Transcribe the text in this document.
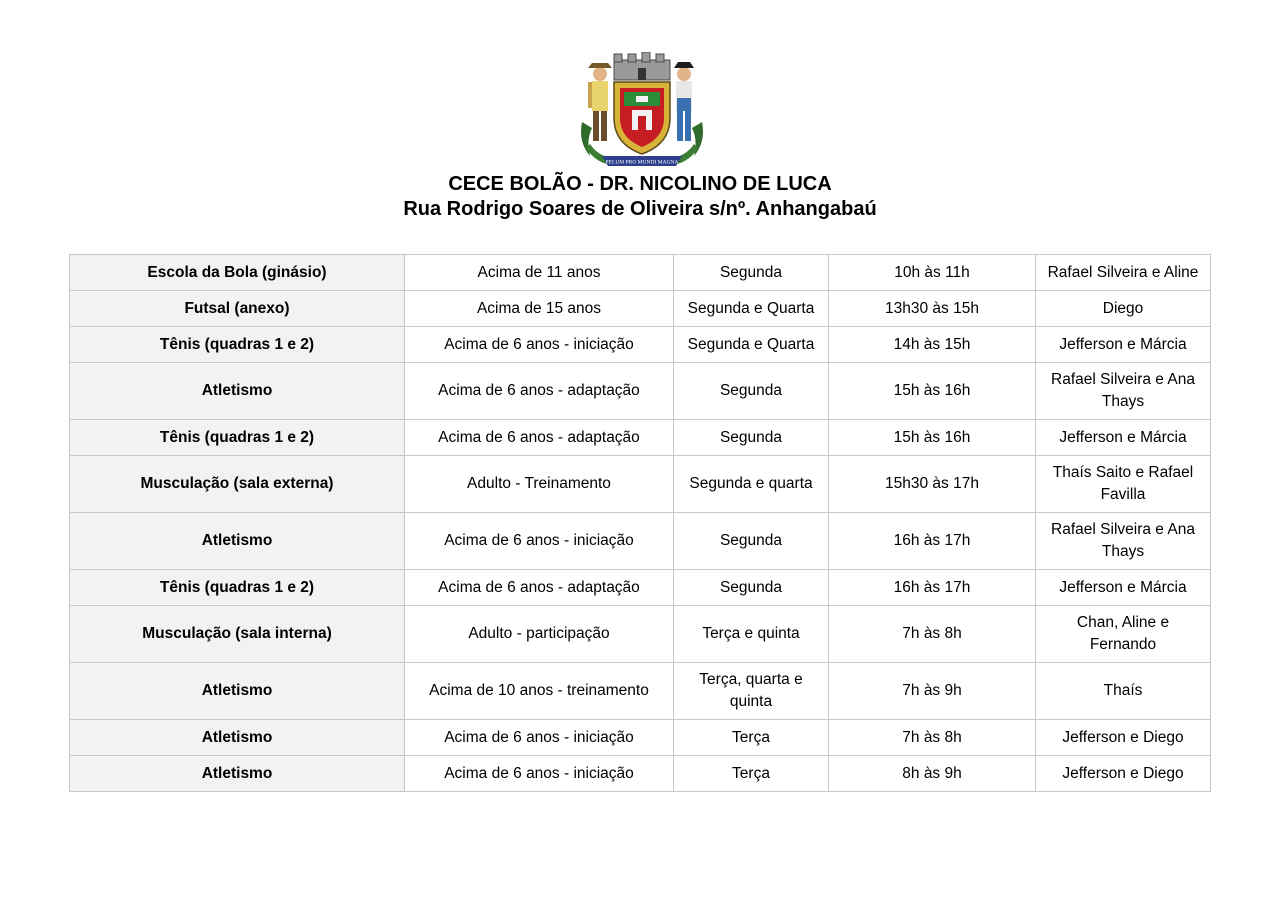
PELUM PRO MUNDI MAGNA
CECE BOLÃO - DR. NICOLINO DE LUCA
Rua Rodrigo Soares de Oliveira s/nº. Anhangabaú
Escola da Bola (ginásio)	Acima de 11 anos	Segunda	10h às 11h	Rafael Silveira e Aline
Futsal (anexo)	Acima de 15 anos	Segunda e Quarta	13h30 às 15h	Diego
Tênis (quadras 1 e 2)	Acima de 6 anos - iniciação	Segunda e Quarta	14h às 15h	Jefferson e Márcia
Atletismo	Acima de 6 anos - adaptação	Segunda	15h às 16h	Rafael Silveira e Ana Thays
Tênis (quadras 1 e 2)	Acima de 6 anos - adaptação	Segunda	15h às 16h	Jefferson e Márcia
Musculação (sala externa)	Adulto - Treinamento	Segunda e quarta	15h30 às 17h	Thaís Saito e Rafael Favilla
Atletismo	Acima de 6 anos - iniciação	Segunda	16h às 17h	Rafael Silveira e Ana Thays
Tênis (quadras 1 e 2)	Acima de 6 anos - adaptação	Segunda	16h às 17h	Jefferson e Márcia
Musculação (sala interna)	Adulto - participação	Terça e quinta	7h às 8h	Chan, Aline e Fernando
Atletismo	Acima de 10 anos - treinamento	Terça, quarta e quinta	7h às 9h	Thaís
Atletismo	Acima de 6 anos - iniciação	Terça	7h às 8h	Jefferson e Diego
Atletismo	Acima de 6 anos - iniciação	Terça	8h às 9h	Jefferson e Diego
